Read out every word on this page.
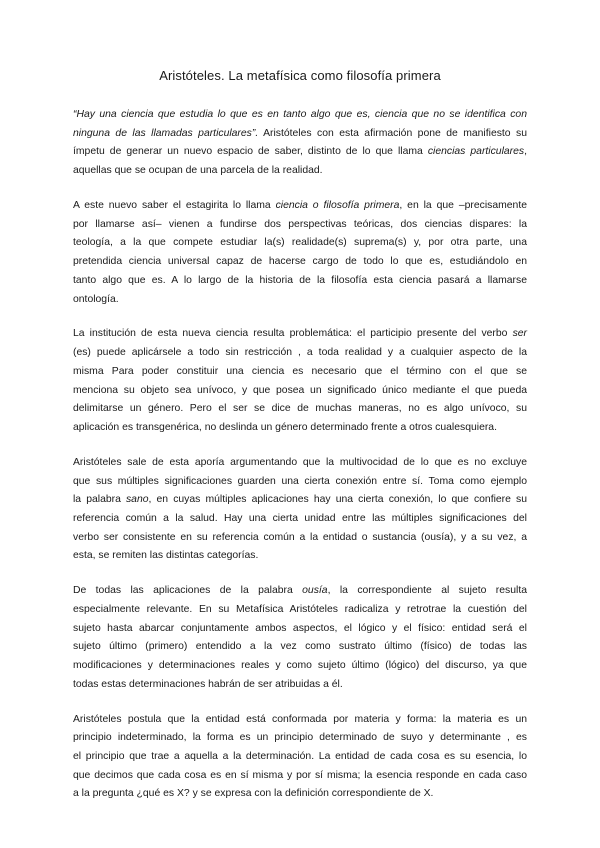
Aristóteles. La metafísica como filosofía primera
“Hay una ciencia que estudia lo que es en tanto algo que es, ciencia que no se identifica con
ninguna de las llamadas particulares”. Aristóteles con esta afirmación pone de manifiesto su
ímpetu de generar un nuevo espacio de saber, distinto de lo que llama ciencias particulares,
aquellas que se ocupan de una parcela de la realidad.
A este nuevo saber el estagirita lo llama ciencia o filosofía primera, en la que –precisamente
por llamarse así– vienen a fundirse dos perspectivas teóricas, dos ciencias dispares: la
teología, a la que compete estudiar la(s) realidade(s) suprema(s) y, por otra parte, una
pretendida ciencia universal capaz de hacerse cargo de todo lo que es, estudiándolo en
tanto algo que es. A lo largo de la historia de la filosofía esta ciencia pasará a llamarse
ontología.
La institución de esta nueva ciencia resulta problemática: el participio presente del verbo ser
(es) puede aplicársele a todo sin restricción , a toda realidad y a cualquier aspecto de la
misma Para poder constituir una ciencia es necesario que el término con el que se
menciona su objeto sea unívoco, y que posea un significado único mediante el que pueda
delimitarse un género. Pero el ser se dice de muchas maneras, no es algo unívoco, su
aplicación es transgenérica, no deslinda un género determinado frente a otros cualesquiera.
Aristóteles sale de esta aporía argumentando que la multivocidad de lo que es no excluye
que sus múltiples significaciones guarden una cierta conexión entre sí. Toma como ejemplo
la palabra sano, en cuyas múltiples aplicaciones hay una cierta conexión, lo que confiere su
referencia común a la salud. Hay una cierta unidad entre las múltiples significaciones del
verbo ser consistente en su referencia común a la entidad o sustancia (ousía), y a su vez, a
esta, se remiten las distintas categorías.
De todas las aplicaciones de la palabra ousía, la correspondiente al sujeto resulta
especialmente relevante. En su Metafísica Aristóteles radicaliza y retrotrae la cuestión del
sujeto hasta abarcar conjuntamente ambos aspectos, el lógico y el físico: entidad será el
sujeto último (primero) entendido a la vez como sustrato último (físico) de todas las
modificaciones y determinaciones reales y como sujeto último (lógico) del discurso, ya que
todas estas determinaciones habrán de ser atribuidas a él.
Aristóteles postula que la entidad está conformada por materia y forma: la materia es un
principio indeterminado, la forma es un principio determinado de suyo y determinante , es
el principio que trae a aquella a la determinación. La entidad de cada cosa es su esencia, lo
que decimos que cada cosa es en sí misma y por sí misma; la esencia responde en cada caso
a la pregunta ¿qué es X? y se expresa con la definición correspondiente de X.
